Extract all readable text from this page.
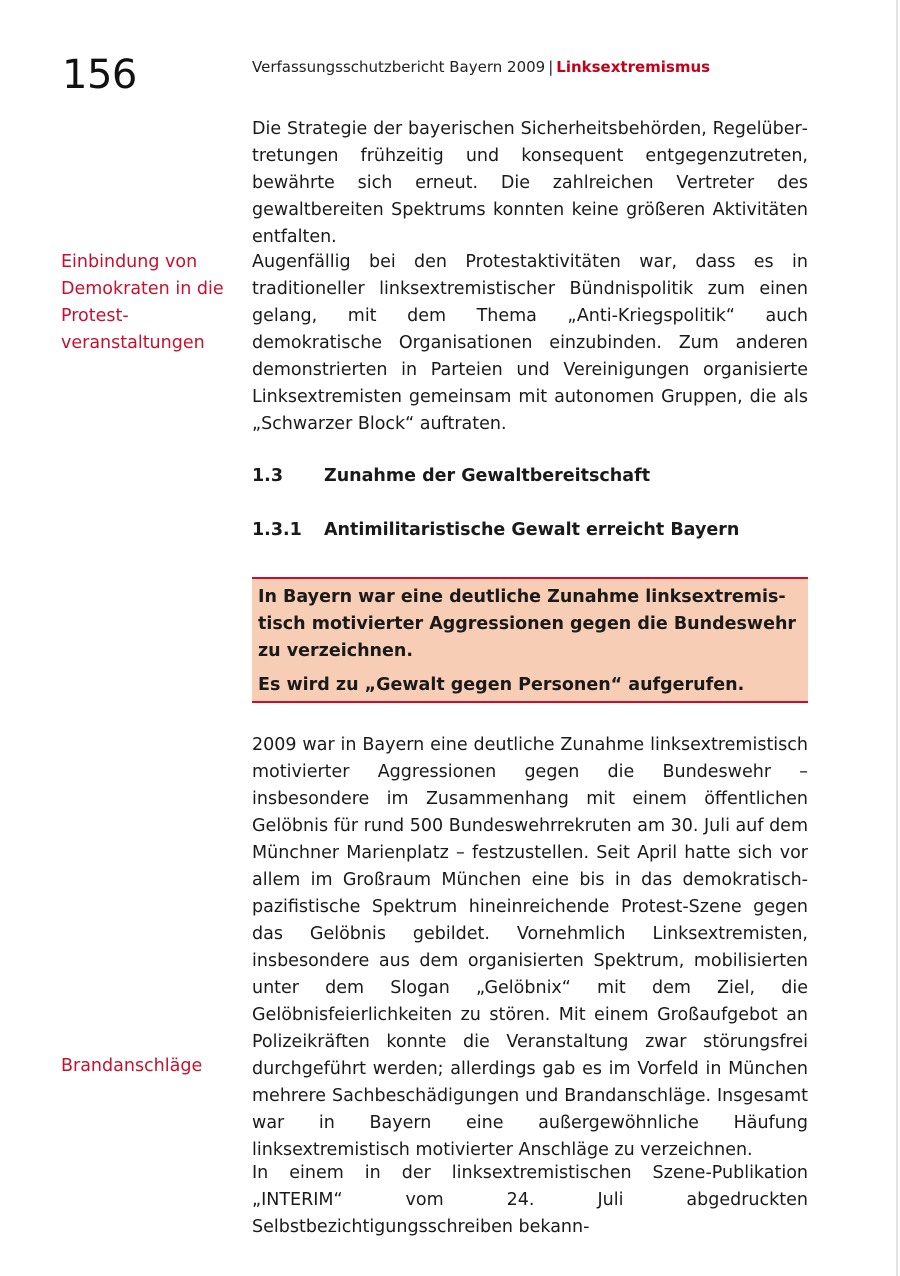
156	Verfassungsschutzbericht Bayern 2009 | Linksextremismus
Die Strategie der bayerischen Sicherheitsbehörden, Regelübertretungen frühzeitig und konsequent entgegenzutreten, bewährte sich erneut. Die zahlreichen Vertreter des gewaltbereiten Spektrums konnten keine größeren Aktivitäten entfalten.
Einbindung von Demokraten in die Protestveranstaltungen
Augenfällig bei den Protestaktivitäten war, dass es in traditioneller linksextremistischer Bündnispolitik zum einen gelang, mit dem Thema „Anti-Kriegspolitik“ auch demokratische Organisationen einzubinden. Zum anderen demonstrierten in Parteien und Vereinigungen organisierte Linksextremisten gemeinsam mit autonomen Gruppen, die als „Schwarzer Block“ auftraten.
1.3 Zunahme der Gewaltbereitschaft
1.3.1 Antimilitaristische Gewalt erreicht Bayern

In Bayern war eine deutliche Zunahme linksextremistisch motivierter Aggressionen gegen die Bundeswehr zu verzeichnen.

Es wird zu „Gewalt gegen Personen“ aufgerufen.

2009 war in Bayern eine deutliche Zunahme linksextremistisch motivierter Aggressionen gegen die Bundeswehr – insbesondere im Zusammenhang mit einem öffentlichen Gelöbnis für rund 500 Bundeswehrrekruten am 30. Juli auf dem Münchner Marienplatz – festzustellen. Seit April hatte sich vor allem im Großraum München eine bis in das demokratisch-pazifistische Spektrum hineinreichende Protest-Szene gegen das Gelöbnis gebildet. Vornehmlich Linksextremisten, insbesondere aus dem organisierten Spektrum, mobilisierten unter dem Slogan „Gelöbnix“ mit dem Ziel, die Gelöbnisfeierlichkeiten zu stören. Mit einem Großaufgebot an Polizeikräften konnte die Veranstaltung zwar störungsfrei durchgeführt werden; allerdings gab es im Vorfeld in München mehrere Sachbeschädigungen und Brandanschläge. Insgesamt war in Bayern eine außergewöhnliche Häufung linksextremistisch motivierter Anschläge zu verzeichnen.
Brandanschläge
In einem in der linksextremistischen Szene-Publikation „INTERIM“ vom 24. Juli abgedruckten Selbstbezichtigungsschreiben bekann-
